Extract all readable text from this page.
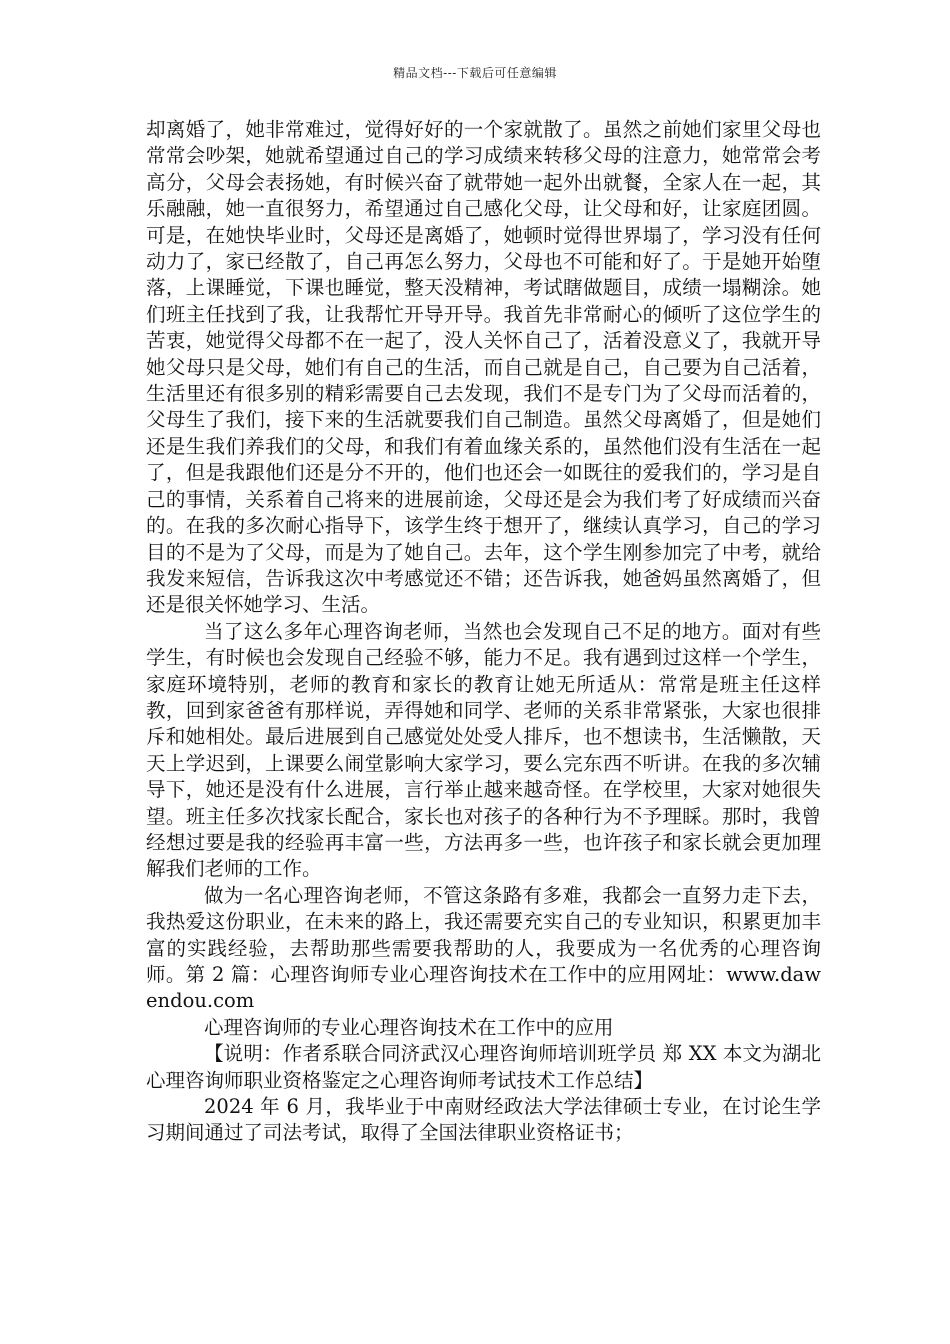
精品文档---下载后可任意编辑

却离婚了，她非常难过，觉得好好的一个家就散了。虽然之前她们家里父母也常常会吵架，她就希望通过自己的学习成绩来转移父母的注意力，她常常会考高分，父母会表扬她，有时候兴奋了就带她一起外出就餐，全家人在一起，其乐融融，她一直很努力，希望通过自己感化父母，让父母和好，让家庭团圆。可是，在她快毕业时，父母还是离婚了，她顿时觉得世界塌了，学习没有任何动力了，家已经散了，自己再怎么努力，父母也不可能和好了。于是她开始堕落，上课睡觉，下课也睡觉，整天没精神，考试瞎做题目，成绩一塌糊涂。她们班主任找到了我，让我帮忙开导开导。我首先非常耐心的倾听了这位学生的苦衷，她觉得父母都不在一起了，没人关怀自己了，活着没意义了，我就开导她父母只是父母，她们有自己的生活，而自己就是自己，自己要为自己活着，生活里还有很多别的精彩需要自己去发现，我们不是专门为了父母而活着的，父母生了我们，接下来的生活就要我们自己制造。虽然父母离婚了，但是她们还是生我们养我们的父母，和我们有着血缘关系的，虽然他们没有生活在一起了，但是我跟他们还是分不开的，他们也还会一如既往的爱我们的，学习是自己的事情，关系着自己将来的进展前途，父母还是会为我们考了好成绩而兴奋的。在我的多次耐心指导下，该学生终于想开了，继续认真学习，自己的学习目的不是为了父母，而是为了她自己。去年，这个学生刚参加完了中考，就给我发来短信，告诉我这次中考感觉还不错；还告诉我，她爸妈虽然离婚了，但还是很关怀她学习、生活。

当了这么多年心理咨询老师，当然也会发现自己不足的地方。面对有些学生，有时候也会发现自己经验不够，能力不足。我有遇到过这样一个学生，家庭环境特别，老师的教育和家长的教育让她无所适从：常常是班主任这样教，回到家爸爸有那样说，弄得她和同学、老师的关系非常紧张，大家也很排斥和她相处。最后进展到自己感觉处处受人排斥，也不想读书，生活懒散，天天上学迟到，上课要么闹堂影响大家学习，要么完东西不听讲。在我的多次辅导下，她还是没有什么进展，言行举止越来越奇怪。在学校里，大家对她很失望。班主任多次找家长配合，家长也对孩子的各种行为不予理睬。那时，我曾经想过要是我的经验再丰富一些，方法再多一些，也许孩子和家长就会更加理解我们老师的工作。

做为一名心理咨询老师，不管这条路有多难，我都会一直努力走下去，我热爱这份职业，在未来的路上，我还需要充实自己的专业知识，积累更加丰富的实践经验，去帮助那些需要我帮助的人，我要成为一名优秀的心理咨询师。第 2 篇：心理咨询师专业心理咨询技术在工作中的应用网址：www.dawendou.com

心理咨询师的专业心理咨询技术在工作中的应用

【说明：作者系联合同济武汉心理咨询师培训班学员 郑 XX 本文为湖北心理咨询师职业资格鉴定之心理咨询师考试技术工作总结】

2024 年 6 月，我毕业于中南财经政法大学法律硕士专业，在讨论生学习期间通过了司法考试，取得了全国法律职业资格证书；
